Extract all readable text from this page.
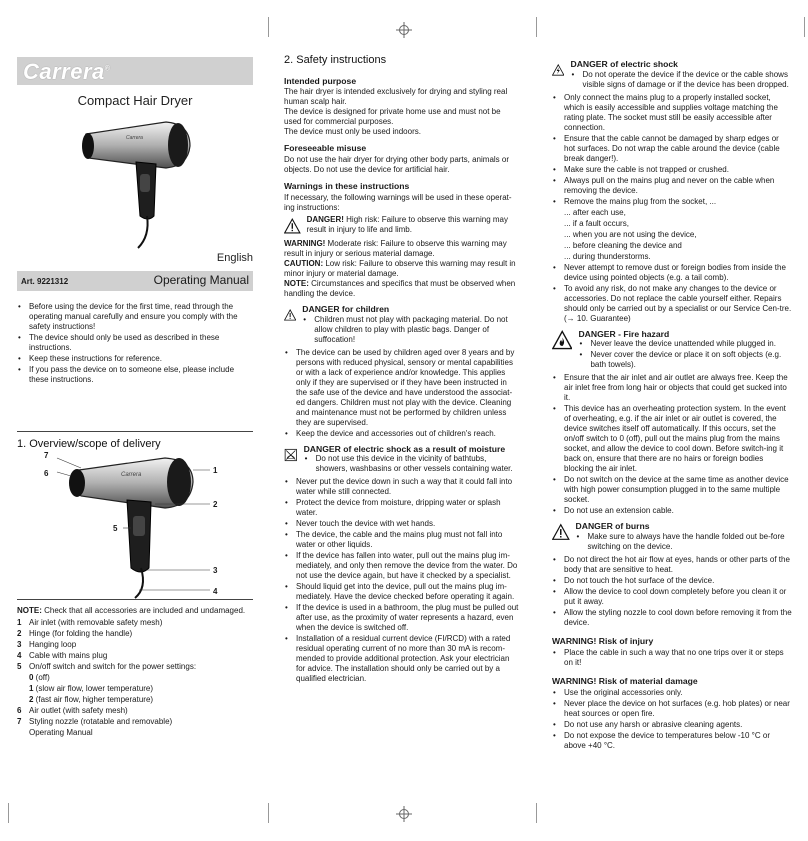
Carrera®
Compact Hair Dryer
Carrera
English
Art. 9221312	Operating Manual
• Before using the device for the first time, read through the operating manual carefully and ensure you comply with the safety instructions!
• The device should only be used as described in these instructions.
• Keep these instructions for reference.
• If you pass the device on to someone else, please include these instructions.
1. Overview/scope of delivery
Carrera
7
6	1
2
5
3
4
NOTE: Check that all accessories are included and undamaged.
1 Air inlet (with removable safety mesh)
2 Hinge (for folding the handle)
3 Hanging loop
4 Cable with mains plug
5 On/off switch and switch for the power settings:
0 (off)
1 (slow air flow, lower temperature)
2 (fast air flow, higher temperature)
6 Air outlet (with safety mesh)
7 Styling nozzle (rotatable and removable)
Operating Manual
2. Safety instructions
Intended purpose

The hair dryer is intended exclusively for drying and styling real human scalp hair.

The device is designed for private home use and must not be used for commercial purposes.

The device must only be used indoors.

Foreseeable misuse

Do not use the hair dryer for drying other body parts, animals or objects. Do not use the device for artificial hair.

Warnings in these instructions

If necessary, the following warnings will be used in these operat-ing instructions:

DANGER! High risk: Failure to observe this warning may result in injury to life and limb.

WARNING! Moderate risk: Failure to observe this warning may result in injury or serious material damage.

CAUTION: Low risk: Failure to observe this warning may result in minor injury or material damage.

NOTE: Circumstances and specifics that must be observed when handling the device.

DANGER for children
• Children must not play with packaging material. Do not allow children to play with plastic bags. Danger of suffocation!
• The device can be used by children aged over 8 years and by persons with reduced physical, sensory or mental capabilities or with a lack of experience and/or knowledge. This applies only if they are supervised or if they have been instructed in the safe use of the device and have understood the associat-ed dangers. Children must not play with the device. Cleaning and maintenance must not be performed by children unless they are supervised.
• Keep the device and accessories out of children's reach.
DANGER of electric shock as a result of moisture
• Do not use this device in the vicinity of bathtubs, showers, washbasins or other vessels containing water.
• Never put the device down in such a way that it could fall into water while still connected.
• Protect the device from moisture, dripping water or splash water.
• Never touch the device with wet hands.
• The device, the cable and the mains plug must not fall into water or other liquids.
• If the device has fallen into water, pull out the mains plug im-mediately, and only then remove the device from the water. Do not use the device again, but have it checked by a specialist.
• Should liquid get into the device, pull out the mains plug im-mediately. Have the device checked before operating it again.
• If the device is used in a bathroom, the plug must be pulled out after use, as the proximity of water represents a hazard, even when the device is switched off.
• Installation of a residual current device (FI/RCD) with a rated residual operating current of no more than 30 mA is recom-mended to provide additional protection. Ask your electrician for advice. The installation should only be carried out by a qualified electrician.
DANGER of electric shock
• Do not operate the device if the device or the cable shows visible signs of damage or if the device has been dropped.
• Only connect the mains plug to a properly installed socket, which is easily accessible and supplies voltage matching the rating plate. The socket must still be easily accessible after connection.
• Ensure that the cable cannot be damaged by sharp edges or hot surfaces. Do not wrap the cable around the device (cable break danger!).
• Make sure the cable is not trapped or crushed.
• Always pull on the mains plug and never on the cable when removing the device.
• Remove the mains plug from the socket, ...

... after each use,

... if a fault occurs,

... when you are not using the device,

... before cleaning the device and

... during thunderstorms.

• Never attempt to remove dust or foreign bodies from inside the device using pointed objects (e.g. a tail comb).
• To avoid any risk, do not make any changes to the device or accessories. Do not replace the cable yourself either. Repairs should only be carried out by a specialist or our Service Cen-tre. (→ 10. Guarantee)
DANGER - Fire hazard
• Never leave the device unattended while plugged in.
• Never cover the device or place it on soft objects (e.g. bath towels).
• Ensure that the air inlet and air outlet are always free. Keep the air inlet free from long hair or objects that could get sucked into it.
• This device has an overheating protection system. In the event of overheating, e.g. if the air inlet or air outlet is covered, the device switches itself off automatically. If this occurs, set the on/off switch to 0 (off), pull out the mains plug from the mains socket, and allow the device to cool down. Before switch-ing it back on, ensure that there are no hairs or foreign bodies blocking the air inlet.
• Do not switch on the device at the same time as another device with high power consumption plugged in to the same multiple socket.
• Do not use an extension cable.
DANGER of burns
• Make sure to always have the handle folded out be-fore switching on the device.
• Do not direct the hot air flow at eyes, hands or other parts of the body that are sensitive to heat.
• Do not touch the hot surface of the device.
• Allow the device to cool down completely before you clean it or put it away.
• Allow the styling nozzle to cool down before removing it from the device.
WARNING! Risk of injury
• Place the cable in such a way that no one trips over it or steps on it!
WARNING! Risk of material damage
• Use the original accessories only.
• Never place the device on hot surfaces (e.g. hob plates) or near heat sources or open fire.
• Do not use any harsh or abrasive cleaning agents.
• Do not expose the device to temperatures below -10 °C or above +40 °C.
